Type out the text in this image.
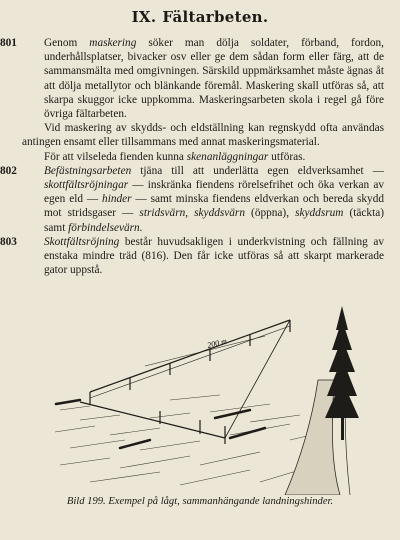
IX. Fältarbeten.

801 Genom maskering söker man dölja soldater, förband, fordon, underhållsplatser, bivacker osv eller ge dem sådan form eller färg, att de sammansmälta med omgivningen. Särskild uppmärksamhet måste ägnas åt att dölja metallytor och blänkande föremål. Maskering skall utföras så, att skarpa skuggor icke uppkomma. Maskeringsarbeten skola i regel gå före övriga fältarbeten.

Vid maskering av skydds- och eldställning kan regnskydd ofta användas antingen ensamt eller tillsammans med annat maskeringsmaterial.

För att vilseleda fienden kunna skenanläggningar utföras.

802 Befästningsarbeten tjäna till att underlätta egen eldverksamhet — skottfältsröjningar — inskränka fiendens rörelsefrihet och öka verkan av egen eld — hinder — samt minska fiendens eldverkan och bereda skydd mot stridsgaser — stridsvärn, skyddsvärn (öppna), skyddsrum (täckta) samt förbindelsevärn.

803 Skottfältsröjning består huvudsakligen i underkvistning och fällning av enstaka mindre träd (816). Den får icke utföras så att skarpt markerade gator uppstå.

200 m
Bild 199. Exempel på lågt, sammanhängande landningshinder.
